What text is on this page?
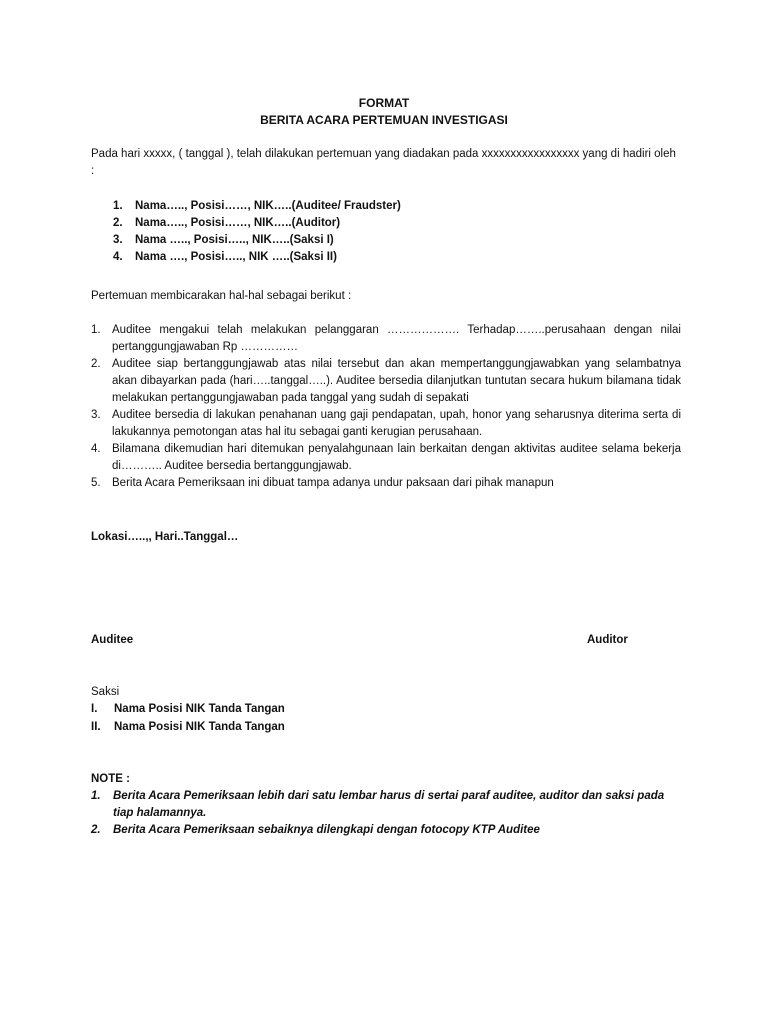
FORMAT
BERITA ACARA PERTEMUAN INVESTIGASI
Pada hari xxxxx, ( tanggal ), telah dilakukan pertemuan yang diadakan pada xxxxxxxxxxxxxxxxx yang di hadiri oleh :
1.	Nama….., Posisi……, NIK…..(Auditee/ Fraudster)
2.	Nama….., Posisi……, NIK…..(Auditor)
3.	Nama ….., Posisi….., NIK…..(Saksi I)
4.	Nama …., Posisi….., NIK …..(Saksi II)
Pertemuan membicarakan hal-hal sebagai berikut :
1. Auditee mengakui telah melakukan pelanggaran ………………. Terhadap……..perusahaan dengan nilai pertanggungjawaban Rp ……………
2. Auditee siap bertanggungjawab atas nilai tersebut dan akan mempertanggungjawabkan yang selambatnya akan dibayarkan pada (hari…..tanggal…..). Auditee bersedia dilanjutkan tuntutan secara hukum bilamana tidak melakukan pertanggungjawaban pada tanggal yang sudah di sepakati
3. Auditee bersedia di lakukan penahanan uang gaji pendapatan, upah, honor yang seharusnya diterima serta di lakukannya pemotongan atas hal itu sebagai ganti kerugian perusahaan.
4. Bilamana dikemudian hari ditemukan penyalahgunaan lain berkaitan dengan aktivitas auditee selama bekerja di……….. Auditee bersedia bertanggungjawab.
5. Berita Acara Pemeriksaan ini dibuat tampa adanya undur paksaan dari pihak manapun
Lokasi…..,, Hari..Tanggal…
Auditee	Auditor
Saksi
I.	Nama Posisi NIK Tanda Tangan
II.	Nama Posisi NIK Tanda Tangan
NOTE :
1.	Berita Acara Pemeriksaan lebih dari satu lembar harus di sertai paraf auditee, auditor dan saksi pada tiap halamannya.
2.	Berita Acara Pemeriksaan sebaiknya dilengkapi dengan fotocopy KTP Auditee
